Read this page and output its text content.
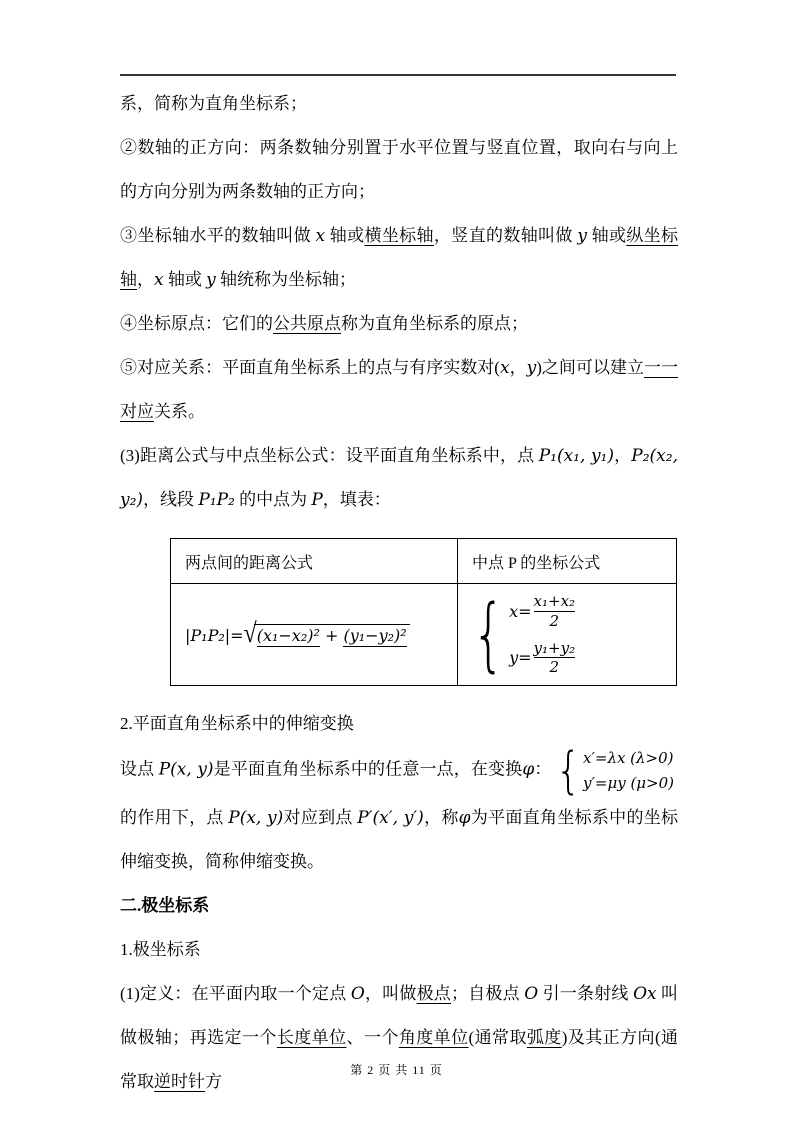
系，简称为直角坐标系；
②数轴的正方向：两条数轴分别置于水平位置与竖直位置，取向右与向上的方向分别为两条数轴的正方向；
③坐标轴水平的数轴叫做 x 轴或横坐标轴，竖直的数轴叫做 y 轴或纵坐标轴，x 轴或 y 轴统称为坐标轴；
④坐标原点：它们的公共原点称为直角坐标系的原点；
⑤对应关系：平面直角坐标系上的点与有序实数对(x，y)之间可以建立一一对应关系。
(3)距离公式与中点坐标公式：设平面直角坐标系中，点 P₁(x₁, y₁)，P₂(x₂, y₂)，线段 P₁P₂ 的中点为 P，填表：
两点间的距离公式	中点 P 的坐标公式
|P₁P₂|=√(x₁−x₂)² + (y₁−y₂)²	{ $x= \frac{\text{x₁+x₂}}{2}$
$y= \frac{\text{y₁+y₂}}{2}$
2.平面直角坐标系中的伸缩变换
设点 P(x, y)是平面直角坐标系中的任意一点，在变换φ： { x′=λx (λ>0)
y′=μy (μ>0)
的作用下，点 P(x, y)对应到点 P′(x′, y′)，称φ为平面直角坐标系中的坐标伸缩变换，简称伸缩变换。
二.极坐标系
1.极坐标系
(1)定义：在平面内取一个定点 O，叫做极点；自极点 O 引一条射线 Ox 叫做极轴；再选定一个长度单位、一个角度单位(通常取弧度)及其正方向(通常取逆时针方
第 2 页 共 11 页
